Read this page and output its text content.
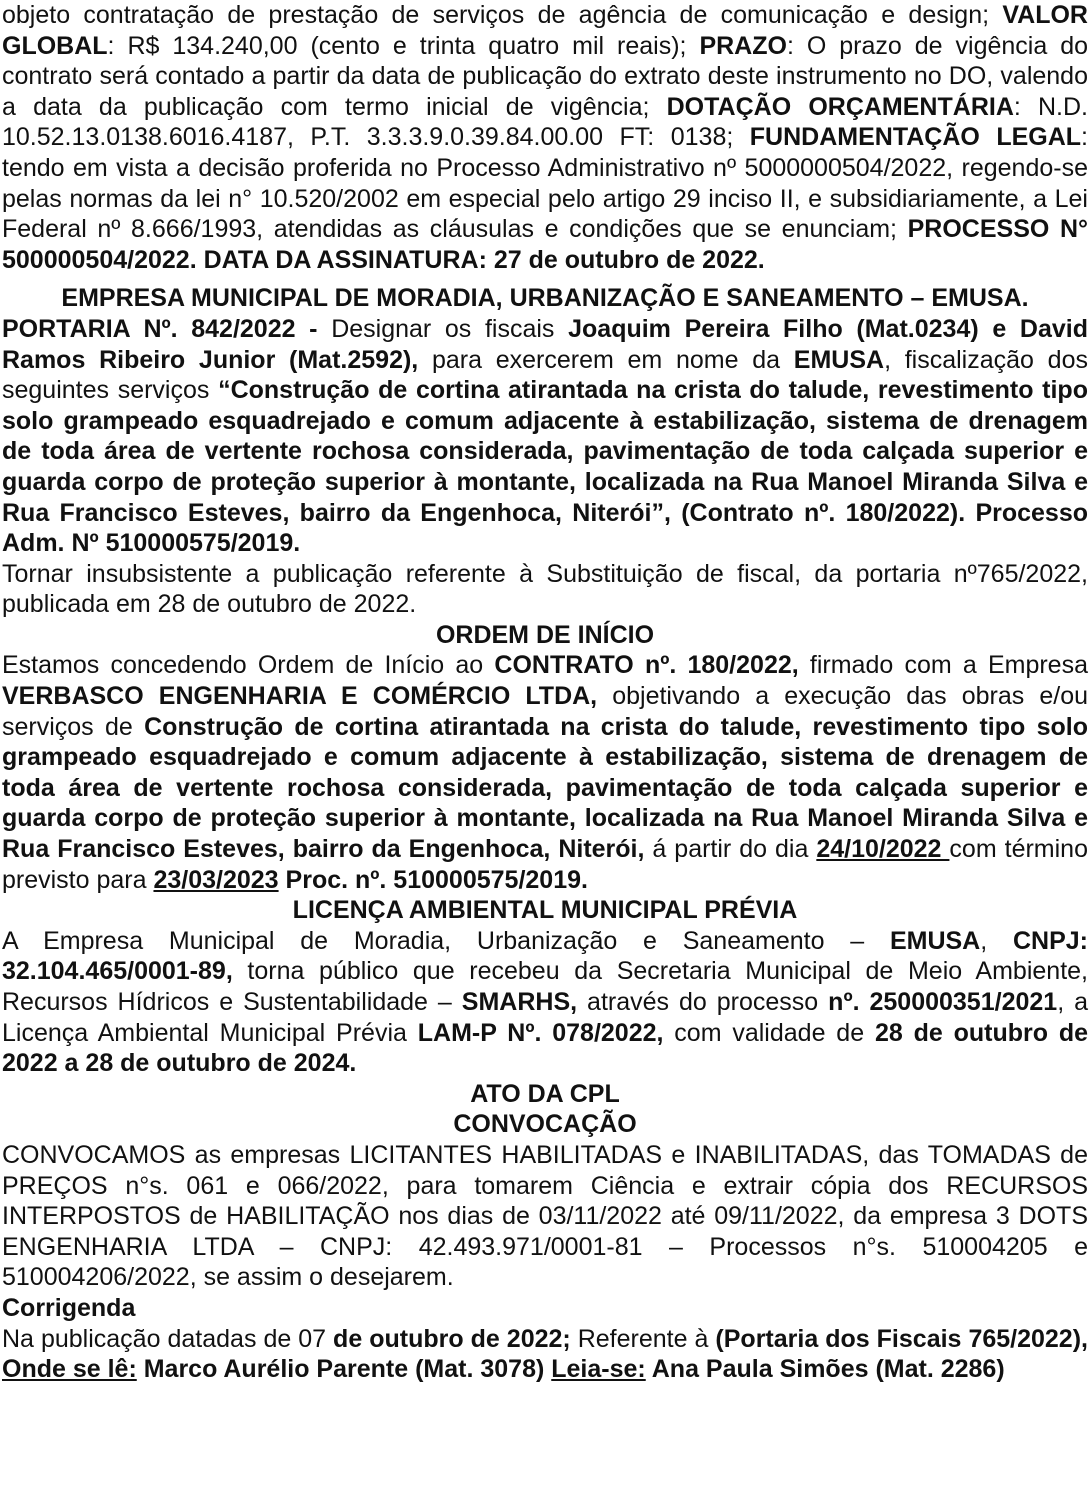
objeto contratação de prestação de serviços de agência de comunicação e design; VALOR GLOBAL: R$ 134.240,00 (cento e trinta quatro mil reais); PRAZO: O prazo de vigência do contrato será contado a partir da data de publicação do extrato deste instrumento no DO, valendo a data da publicação com termo inicial de vigência; DOTAÇÃO ORÇAMENTÁRIA: N.D. 10.52.13.0138.6016.4187, P.T. 3.3.3.9.0.39.84.00.00 FT: 0138; FUNDAMENTAÇÃO LEGAL: tendo em vista a decisão proferida no Processo Administrativo nº 5000000504/2022, regendo-se pelas normas da lei n° 10.520/2002 em especial pelo artigo 29 inciso II, e subsidiariamente, a Lei Federal nº 8.666/1993, atendidas as cláusulas e condições que se enunciam; PROCESSO N° 500000504/2022. DATA DA ASSINATURA: 27 de outubro de 2022.

EMPRESA MUNICIPAL DE MORADIA, URBANIZAÇÃO E SANEAMENTO – EMUSA.

PORTARIA Nº. 842/2022 - Designar os fiscais Joaquim Pereira Filho (Mat.0234) e David Ramos Ribeiro Junior (Mat.2592), para exercerem em nome da EMUSA, fiscalização dos seguintes serviços “Construção de cortina atirantada na crista do talude, revestimento tipo solo grampeado esquadrejado e comum adjacente à estabilização, sistema de drenagem de toda área de vertente rochosa considerada, pavimentação de toda calçada superior e guarda corpo de proteção superior à montante, localizada na Rua Manoel Miranda Silva e Rua Francisco Esteves, bairro da Engenhoca, Niterói”, (Contrato nº. 180/2022). Processo Adm. Nº 510000575/2019.

Tornar insubsistente a publicação referente à Substituição de fiscal, da portaria nº765/2022, publicada em 28 de outubro de 2022.

ORDEM DE INÍCIO

Estamos concedendo Ordem de Início ao CONTRATO nº. 180/2022, firmado com a Empresa VERBASCO ENGENHARIA E COMÉRCIO LTDA, objetivando a execução das obras e/ou serviços de Construção de cortina atirantada na crista do talude, revestimento tipo solo grampeado esquadrejado e comum adjacente à estabilização, sistema de drenagem de toda área de vertente rochosa considerada, pavimentação de toda calçada superior e guarda corpo de proteção superior à montante, localizada na Rua Manoel Miranda Silva e Rua Francisco Esteves, bairro da Engenhoca, Niterói, á partir do dia 24/10/2022 com término previsto para 23/03/2023 Proc. nº. 510000575/2019.

LICENÇA AMBIENTAL MUNICIPAL PRÉVIA

A Empresa Municipal de Moradia, Urbanização e Saneamento – EMUSA, CNPJ: 32.104.465/0001-89, torna público que recebeu da Secretaria Municipal de Meio Ambiente, Recursos Hídricos e Sustentabilidade – SMARHS, através do processo nº. 250000351/2021, a Licença Ambiental Municipal Prévia LAM-P Nº. 078/2022, com validade de 28 de outubro de 2022 a 28 de outubro de 2024.

ATO DA CPL

CONVOCAÇÃO

CONVOCAMOS as empresas LICITANTES HABILITADAS e INABILITADAS, das TOMADAS de PREÇOS n°s. 061 e 066/2022, para tomarem Ciência e extrair cópia dos RECURSOS INTERPOSTOS de HABILITAÇÃO nos dias de 03/11/2022 até 09/11/2022, da empresa 3 DOTS ENGENHARIA LTDA – CNPJ: 42.493.971/0001-81 – Processos n°s. 510004205 e 510004206/2022, se assim o desejarem.

Corrigenda

Na publicação datadas de 07 de outubro de 2022; Referente à (Portaria dos Fiscais 765/2022), Onde se lê: Marco Aurélio Parente (Mat. 3078) Leia-se: Ana Paula Simões (Mat. 2286)
